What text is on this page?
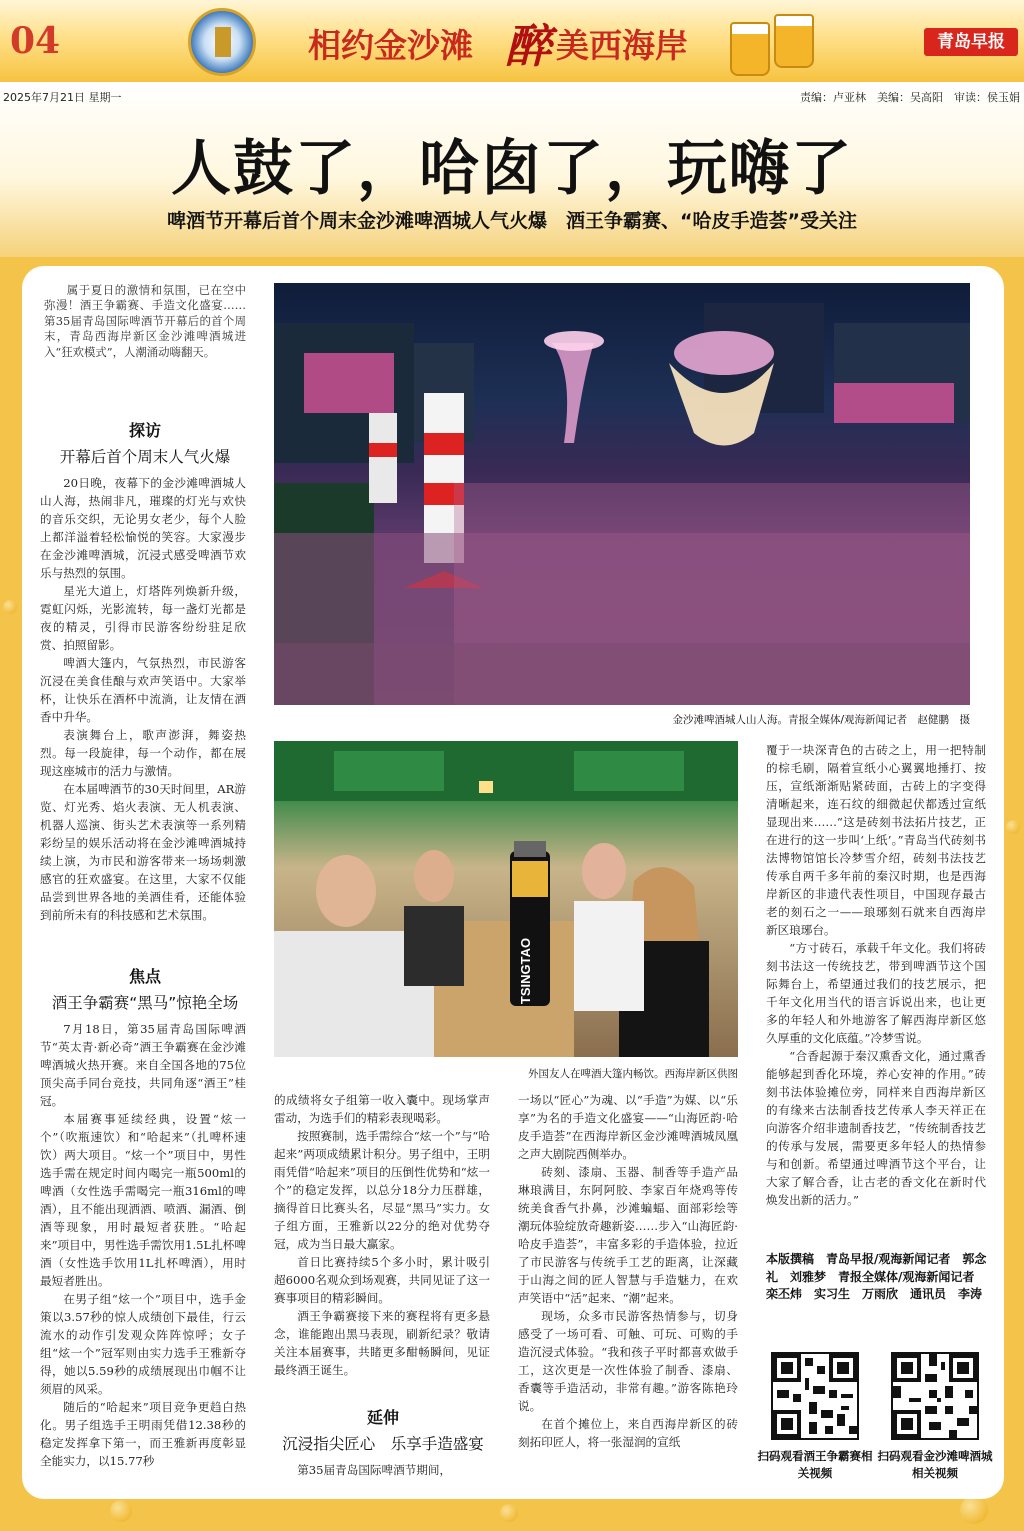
04	相约金沙滩 醉 美西海岸	青岛早报
2025年7月21日 星期一	责编：卢亚林　美编：吴高阳　审读：侯玉娟
人鼓了，哈囱了，玩嗨了
啤酒节开幕后首个周末金沙滩啤酒城人气火爆　酒王争霸赛、“哈皮手造荟”受关注
属于夏日的激情和氛围，已在空中弥漫！酒王争霸赛、手造文化盛宴……第35届青岛国际啤酒节开幕后的首个周末，青岛西海岸新区金沙滩啤酒城进入“狂欢模式”，人潮涌动嗨翻天。
探访
开幕后首个周末人气火爆

20日晚，夜幕下的金沙滩啤酒城人山人海，热闹非凡，璀璨的灯光与欢快的音乐交织，无论男女老少，每个人脸上都洋溢着轻松愉悦的笑容。大家漫步在金沙滩啤酒城，沉浸式感受啤酒节欢乐与热烈的氛围。

星光大道上，灯塔阵列焕新升级，霓虹闪烁，光影流转，每一盏灯光都是夜的精灵，引得市民游客纷纷驻足欣赏、拍照留影。

啤酒大篷内，气氛热烈，市民游客沉浸在美食佳酿与欢声笑语中。大家举杯，让快乐在酒杯中流淌，让友情在酒香中升华。

表演舞台上，歌声澎湃，舞姿热烈。每一段旋律，每一个动作，都在展现这座城市的活力与激情。

在本届啤酒节的30天时间里，AR游览、灯光秀、焰火表演、无人机表演、机器人巡演、街头艺术表演等一系列精彩纷呈的娱乐活动将在金沙滩啤酒城持续上演，为市民和游客带来一场场刺激感官的狂欢盛宴。在这里，大家不仅能品尝到世界各地的美酒佳肴，还能体验到前所未有的科技感和艺术氛围。

焦点
酒王争霸赛“黑马”惊艳全场

7月18日，第35届青岛国际啤酒节“英太青·新必奇”酒王争霸赛在金沙滩啤酒城火热开赛。来自全国各地的75位顶尖高手同台竞技，共同角逐“酒王”桂冠。

本届赛事延续经典，设置“炫一个”（吹瓶速饮）和“哈起来”（扎啤杯速饮）两大项目。“炫一个”项目中，男性选手需在规定时间内喝完一瓶500ml的啤酒（女性选手需喝完一瓶316ml的啤酒），且不能出现洒酒、喷酒、漏酒、倒酒等现象，用时最短者获胜。“哈起来”项目中，男性选手需饮用1.5L扎杯啤酒（女性选手饮用1L扎杯啤酒），用时最短者胜出。

在男子组“炫一个”项目中，选手金策以3.57秒的惊人成绩创下最佳，行云流水的动作引发观众阵阵惊呼；女子组“炫一个”冠军则由实力选手王雅新夺得，她以5.59秒的成绩展现出巾帼不让须眉的风采。

随后的“哈起来”项目竞争更趋白热化。男子组选手王明雨凭借12.38秒的稳定发挥拿下第一，而王雅新再度彰显全能实力，以15.77秒

金沙滩啤酒城人山人海。青报全媒体/观海新闻记者　赵健鹏　摄
TSINGTAO
外国友人在啤酒大篷内畅饮。西海岸新区供图

的成绩将女子组第一收入囊中。现场掌声雷动，为选手们的精彩表现喝彩。

按照赛制，选手需综合“炫一个”与“哈起来”两项成绩累计积分。男子组中，王明雨凭借“哈起来”项目的压倒性优势和“炫一个”的稳定发挥，以总分18分力压群雄，摘得首日比赛头名，尽显“黑马”实力。女子组方面，王雅新以22分的绝对优势夺冠，成为当日最大赢家。

首日比赛持续5个多小时，累计吸引超6000名观众到场观赛，共同见证了这一赛事项目的精彩瞬间。

酒王争霸赛接下来的赛程将有更多悬念，谁能跑出黑马表现，刷新纪录？敬请关注本届赛事，共睹更多酣畅瞬间，见证最终酒王诞生。

延伸
沉浸指尖匠心　乐享手造盛宴

第35届青岛国际啤酒节期间，

一场以“匠心”为魂、以“手造”为媒、以“乐享”为名的手造文化盛宴——“山海匠韵·哈皮手造荟”在西海岸新区金沙滩啤酒城凤凰之声大剧院西侧举办。

砖刻、漆扇、玉器、制香等手造产品琳琅满目，东阿阿胶、李家百年烧鸡等传统美食香气扑鼻，沙滩蝙蝠、面部彩绘等潮玩体验绽放奇趣新姿……步入“山海匠韵·哈皮手造荟”，丰富多彩的手造体验，拉近了市民游客与传统手工艺的距离，让深藏于山海之间的匠人智慧与手造魅力，在欢声笑语中“活”起来、“潮”起来。

现场，众多市民游客热情参与，切身感受了一场可看、可触、可玩、可购的手造沉浸式体验。“我和孩子平时都喜欢做手工，这次更是一次性体验了制香、漆扇、香囊等手造活动，非常有趣。”游客陈艳玲说。

在首个摊位上，来自西海岸新区的砖刻拓印匠人，将一张湿润的宣纸

覆于一块深青色的古砖之上，用一把特制的棕毛刷，隔着宣纸小心翼翼地捶打、按压，宣纸渐渐贴紧砖面，古砖上的字变得清晰起来，连石纹的细微起伏都透过宣纸显现出来……“这是砖刻书法拓片技艺，正在进行的这一步叫‘上纸’。”青岛当代砖刻书法博物馆馆长冷梦雪介绍，砖刻书法技艺传承自两千多年前的秦汉时期，也是西海岸新区的非遗代表性项目，中国现存最古老的刻石之一——琅琊刻石就来自西海岸新区琅琊台。

“方寸砖石，承载千年文化。我们将砖刻书法这一传统技艺，带到啤酒节这个国际舞台上，希望通过我们的技艺展示，把千年文化用当代的语言诉说出来，也让更多的年轻人和外地游客了解西海岸新区悠久厚重的文化底蕴。”冷梦雪说。

“合香起源于秦汉熏香文化，通过熏香能够起到香化环境，养心安神的作用。”砖刻书法体验摊位旁，同样来自西海岸新区的有缘来古法制香技艺传承人李天祥正在向游客介绍非遗制香技艺，“传统制香技艺的传承与发展，需要更多年轻人的热情参与和创新。希望通过啤酒节这个平台，让大家了解合香，让古老的香文化在新时代焕发出新的活力。”

本版撰稿　青岛早报/观海新闻记者　郭念礼　刘雅梦　青报全媒体/观海新闻记者　栾丕炜　实习生　万雨欣　通讯员　李涛
扫码观看酒王争霸赛相关视频
扫码观看金沙滩啤酒城相关视频
